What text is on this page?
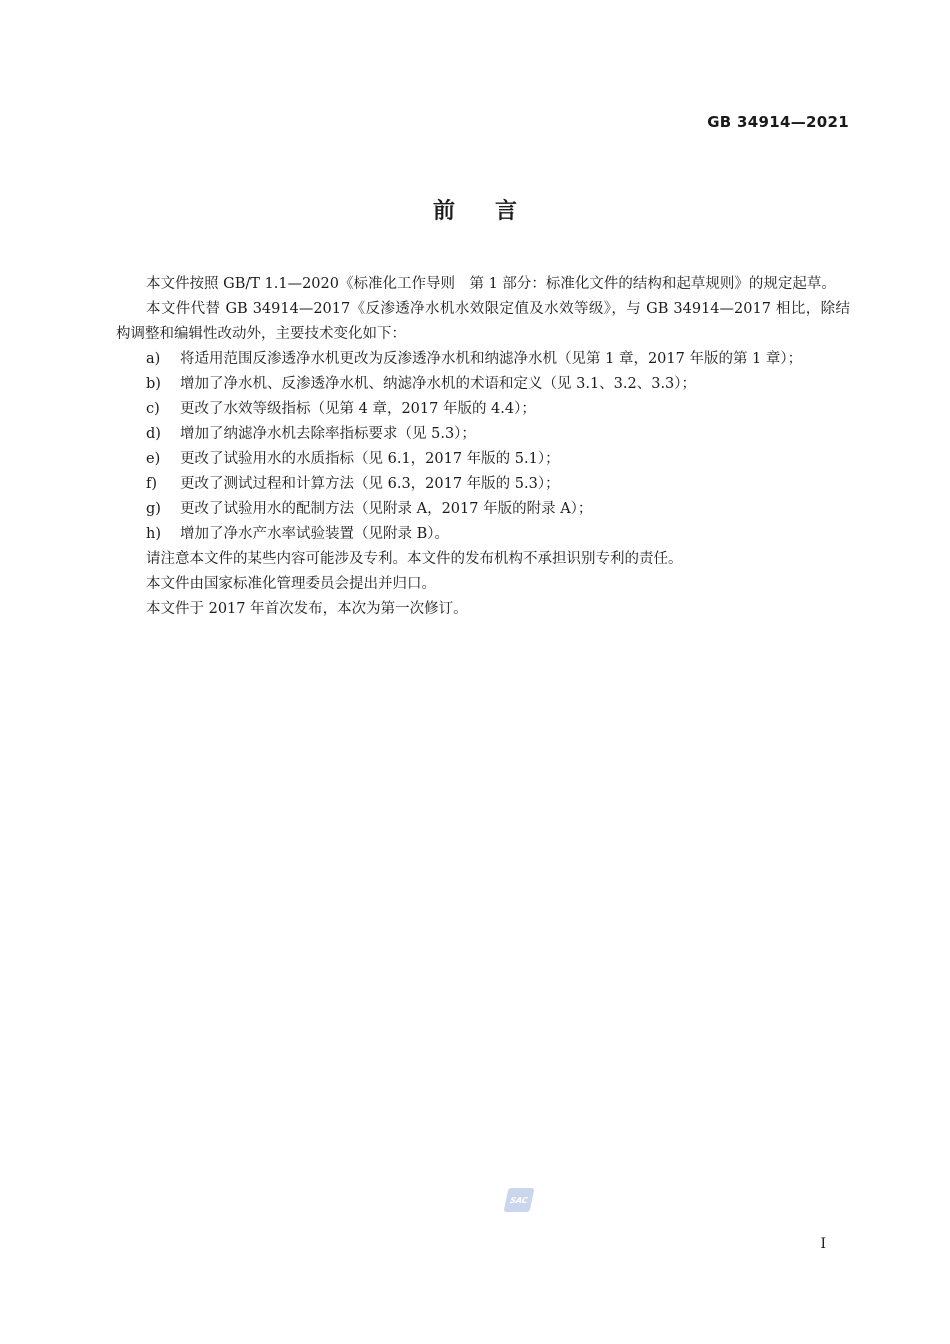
GB 34914—2021
前言

本文件按照 GB/T 1.1—2020《标准化工作导则　第 1 部分：标准化文件的结构和起草规则》的规定起草。

本文件代替 GB 34914—2017《反渗透净水机水效限定值及水效等级》，与 GB 34914—2017 相比，除结构调整和编辑性改动外，主要技术变化如下：

a) 将适用范围反渗透净水机更改为反渗透净水机和纳滤净水机（见第 1 章，2017 年版的第 1 章）；

b) 增加了净水机、反渗透净水机、纳滤净水机的术语和定义（见 3.1、3.2、3.3）；

c) 更改了水效等级指标（见第 4 章，2017 年版的 4.4）；

d) 增加了纳滤净水机去除率指标要求（见 5.3）；

e) 更改了试验用水的水质指标（见 6.1，2017 年版的 5.1）；

f) 更改了测试过程和计算方法（见 6.3，2017 年版的 5.3）；

g) 更改了试验用水的配制方法（见附录 A，2017 年版的附录 A）；

h) 增加了净水产水率试验装置（见附录 B）。

请注意本文件的某些内容可能涉及专利。本文件的发布机构不承担识别专利的责任。

本文件由国家标准化管理委员会提出并归口。

本文件于 2017 年首次发布，本次为第一次修订。

SAC
I
